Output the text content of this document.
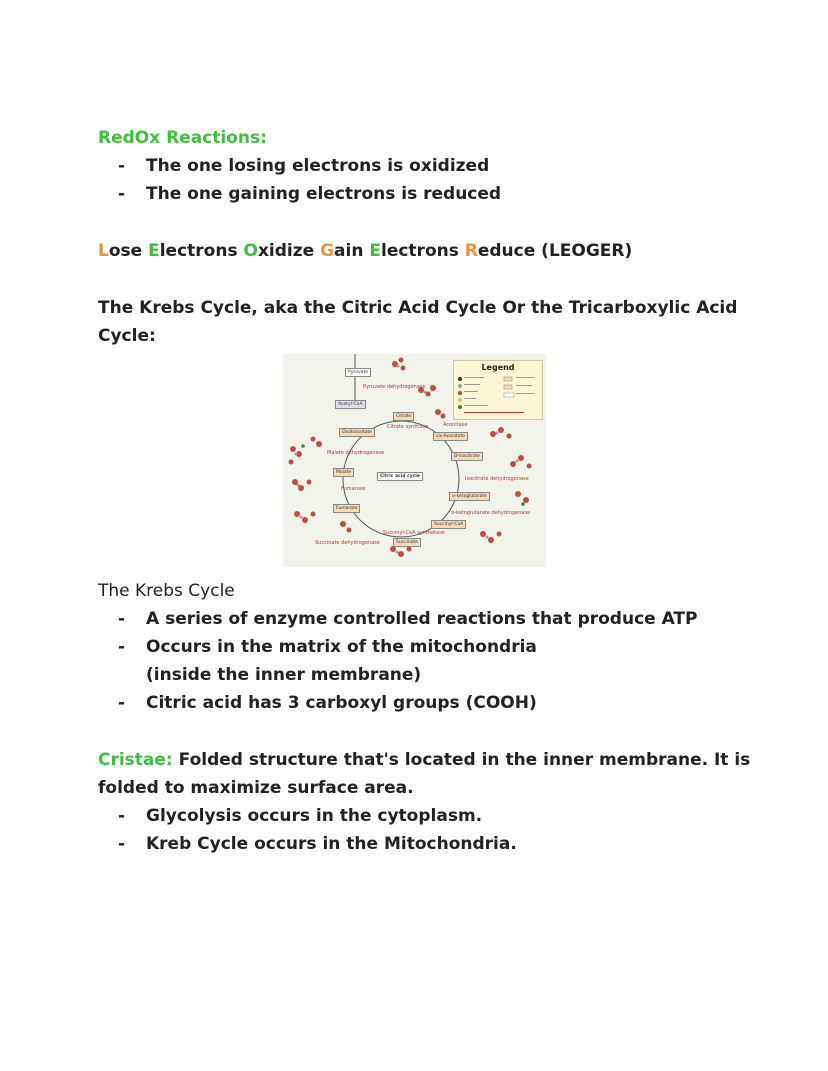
RedOx Reactions:
- The one losing electrons is oxidized
- The one gaining electrons is reduced
Lose Electrons Oxidize Gain Electrons Reduce (LEOGER)
The Krebs Cycle, aka the Citric Acid Cycle Or the Tricarboxylic Acid
Cycle:
Legend
Pyruvate
Acetyl-CoA
Citrate
cis-Aconitate
D-isocitrate
α-ketoglutarate
Succinyl-CoA
Succinate
Fumarate
Malate
Oxaloacetate
Citric acid cycle
Pyruvate dehydrogenase
Citrate synthase	Aconitase
Isocitrate dehydrogenase
α-ketoglutarate dehydrogenase
Succinyl-CoA synthetase
Succinate dehydrogenase
Fumarase
Malate dehydrogenase
The Krebs Cycle
- A series of enzyme controlled reactions that produce ATP
- Occurs in the matrix of the mitochondria
(inside the inner membrane)
- Citric acid has 3 carboxyl groups (COOH)
Cristae: Folded structure that's located in the inner membrane. It is
folded to maximize surface area.
- Glycolysis occurs in the cytoplasm.
- Kreb Cycle occurs in the Mitochondria.
